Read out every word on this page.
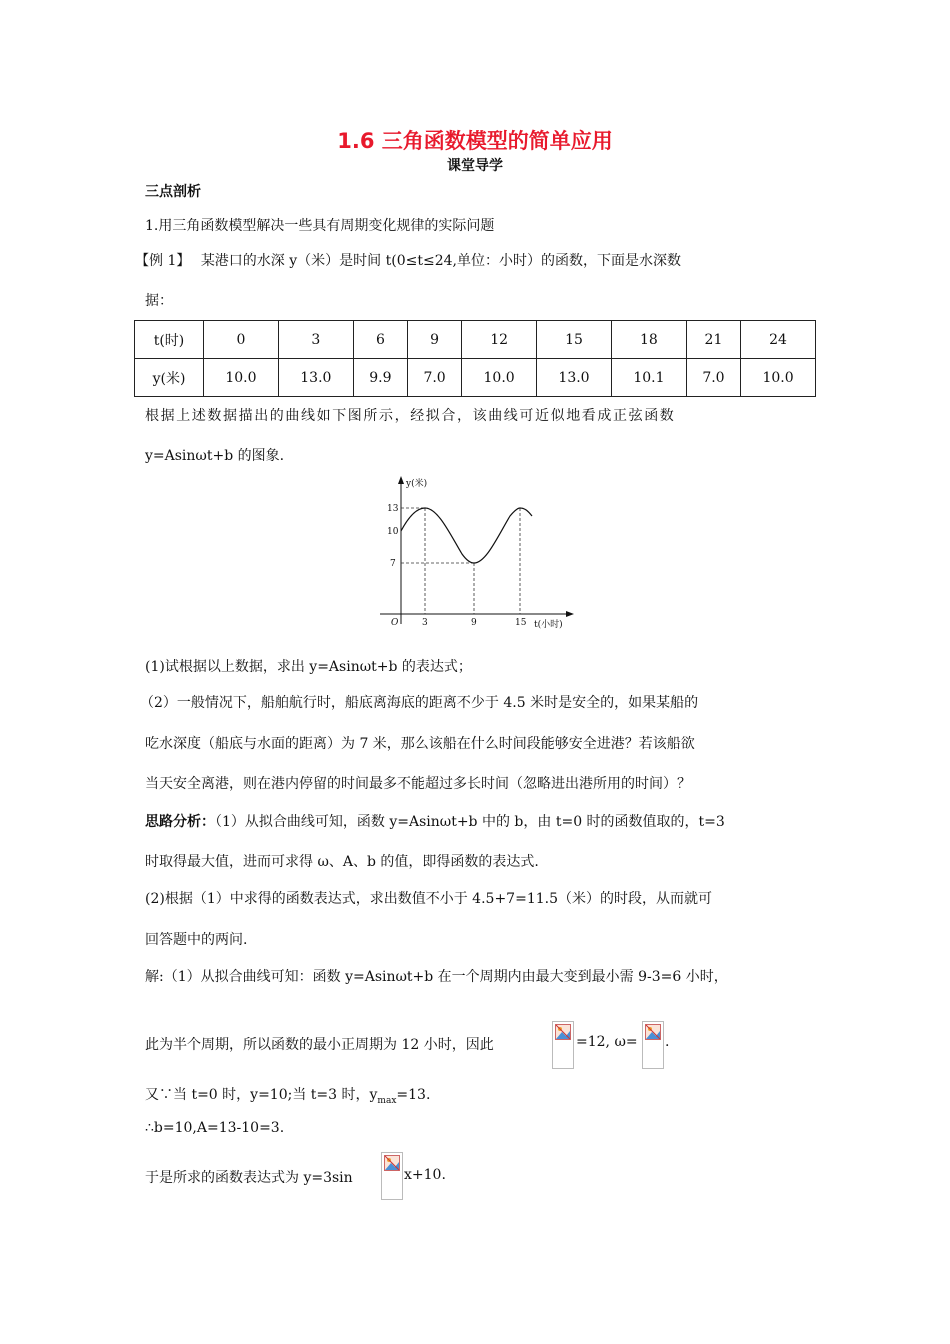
1.6 三角函数模型的简单应用
课堂导学
三点剖析
1.用三角函数模型解决一些具有周期变化规律的实际问题
【例 1】 某港口的水深 y（米）是时间 t(0≤t≤24,单位：小时）的函数，下面是水深数
据：
t(时)	0	3	6	9	12	15	18	21	24
y(米)	10.0	13.0	9.9	7.0	10.0	13.0	10.1	7.0	10.0
根据上述数据描出的曲线如下图所示，经拟合，该曲线可近似地看成正弦函数
y=Asinωt+b 的图象.
y(米)
13
10
7
O	3	9	15 t(小时)
(1)试根据以上数据，求出 y=Asinωt+b 的表达式；
（2）一般情况下，船舶航行时，船底离海底的距离不少于 4.5 米时是安全的，如果某船的
吃水深度（船底与水面的距离）为 7 米，那么该船在什么时间段能够安全进港？若该船欲
当天安全离港，则在港内停留的时间最多不能超过多长时间（忽略进出港所用的时间）？
思路分析：（1）从拟合曲线可知，函数 y=Asinωt+b 中的 b，由 t=0 时的函数值取的，t=3
时取得最大值，进而可求得 ω、A、b 的值，即得函数的表达式.
(2)根据（1）中求得的函数表达式，求出数值不小于 4.5+7=11.5（米）的时段，从而就可
回答题中的两问.
解:（1）从拟合曲线可知：函数 y=Asinωt+b 在一个周期内由最大变到最小需 9-3=6 小时，
此为半个周期，所以函数的最小正周期为 12 小时，因此	=12, ω= .
又∵当 t=0 时，y=10;当 t=3 时，$y_{max}=13$.
∴b=10,A=13-10=3.
于是所求的函数表达式为 y=3sin	x+10.
